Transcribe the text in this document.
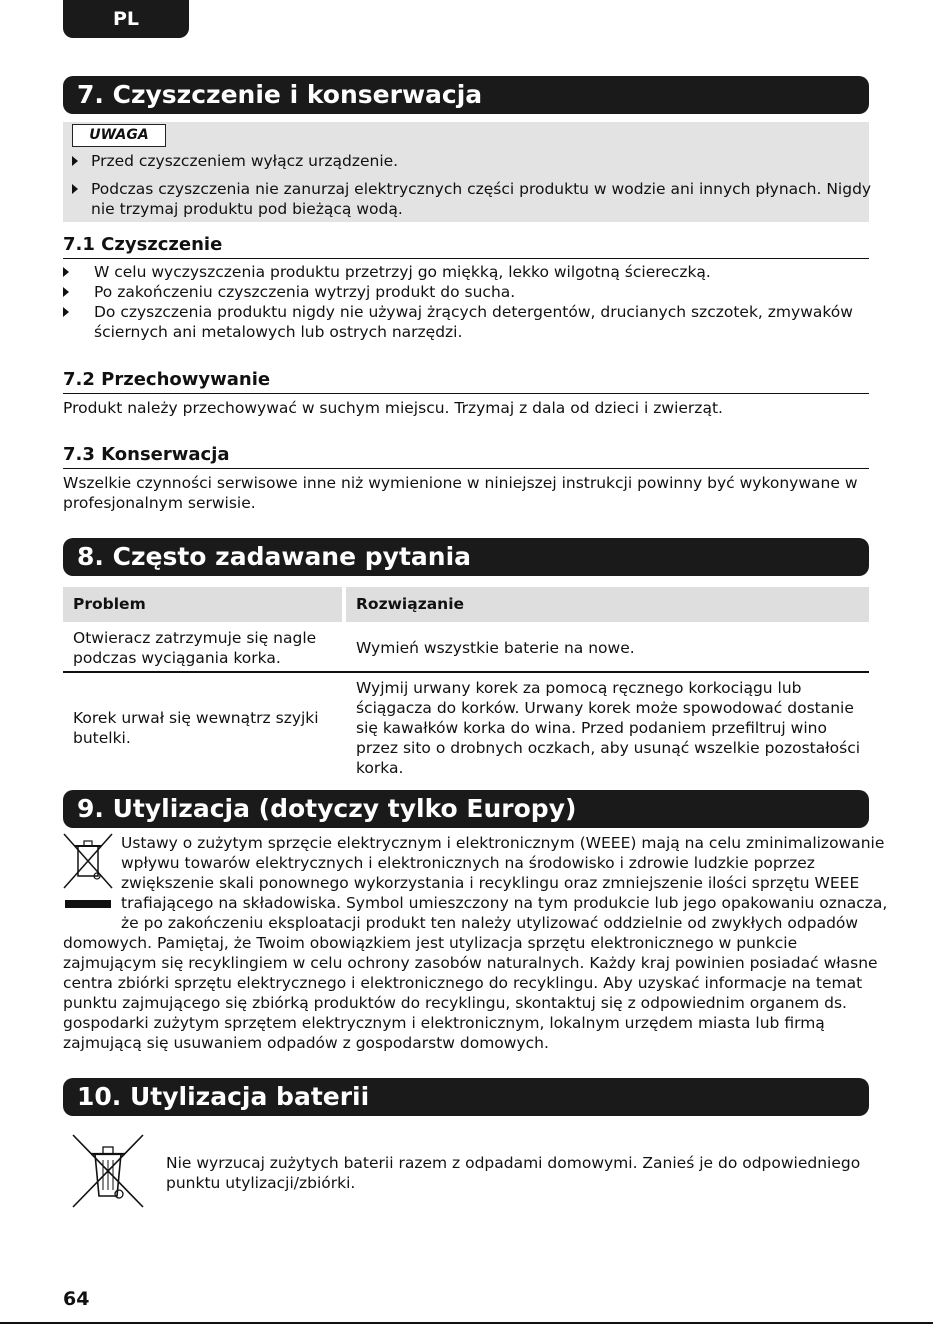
PL
7. Czyszczenie i konserwacja
UWAGA
Przed czyszczeniem wyłącz urządzenie.
Podczas czyszczenia nie zanurzaj elektrycznych części produktu w wodzie ani innych płynach. Nigdy
nie trzymaj produktu pod bieżącą wodą.
7.1 Czyszczenie
W celu wyczyszczenia produktu przetrzyj go miękką, lekko wilgotną ściereczką.
Po zakończeniu czyszczenia wytrzyj produkt do sucha.
Do czyszczenia produktu nigdy nie używaj żrących detergentów, drucianych szczotek, zmywaków
ściernych ani metalowych lub ostrych narzędzi.
7.2 Przechowywanie
Produkt należy przechowywać w suchym miejscu. Trzymaj z dala od dzieci i zwierząt.
7.3 Konserwacja
Wszelkie czynności serwisowe inne niż wymienione w niniejszej instrukcji powinny być wykonywane w
profesjonalnym serwisie.
8. Często zadawane pytania
Problem	Rozwiązanie
Otwieracz zatrzymuje się nagle
podczas wyciągania korka.
Wymień wszystkie baterie na nowe.
Korek urwał się wewnątrz szyjki
butelki.
Wyjmij urwany korek za pomocą ręcznego korkociągu lub
ściągacza do korków. Urwany korek może spowodować dostanie
się kawałków korka do wina. Przed podaniem przefiltruj wino
przez sito o drobnych oczkach, aby usunąć wszelkie pozostałości
korka.
9. Utylizacja (dotyczy tylko Europy)
Ustawy o zużytym sprzęcie elektrycznym i elektronicznym (WEEE) mają na celu zminimalizowanie
wpływu towarów elektrycznych i elektronicznych na środowisko i zdrowie ludzkie poprzez
zwiększenie skali ponownego wykorzystania i recyklingu oraz zmniejszenie ilości sprzętu WEEE
trafiającego na składowiska. Symbol umieszczony na tym produkcie lub jego opakowaniu oznacza,
że po zakończeniu eksploatacji produkt ten należy utylizować oddzielnie od zwykłych odpadów
domowych. Pamiętaj, że Twoim obowiązkiem jest utylizacja sprzętu elektronicznego w punkcie
zajmującym się recyklingiem w celu ochrony zasobów naturalnych. Każdy kraj powinien posiadać własne
centra zbiórki sprzętu elektrycznego i elektronicznego do recyklingu. Aby uzyskać informacje na temat
punktu zajmującego się zbiórką produktów do recyklingu, skontaktuj się z odpowiednim organem ds.
gospodarki zużytym sprzętem elektrycznym i elektronicznym, lokalnym urzędem miasta lub firmą
zajmującą się usuwaniem odpadów z gospodarstw domowych.
10. Utylizacja baterii
Nie wyrzucaj zużytych baterii razem z odpadami domowymi. Zanieś je do odpowiedniego
punktu utylizacji/zbiórki.
64
